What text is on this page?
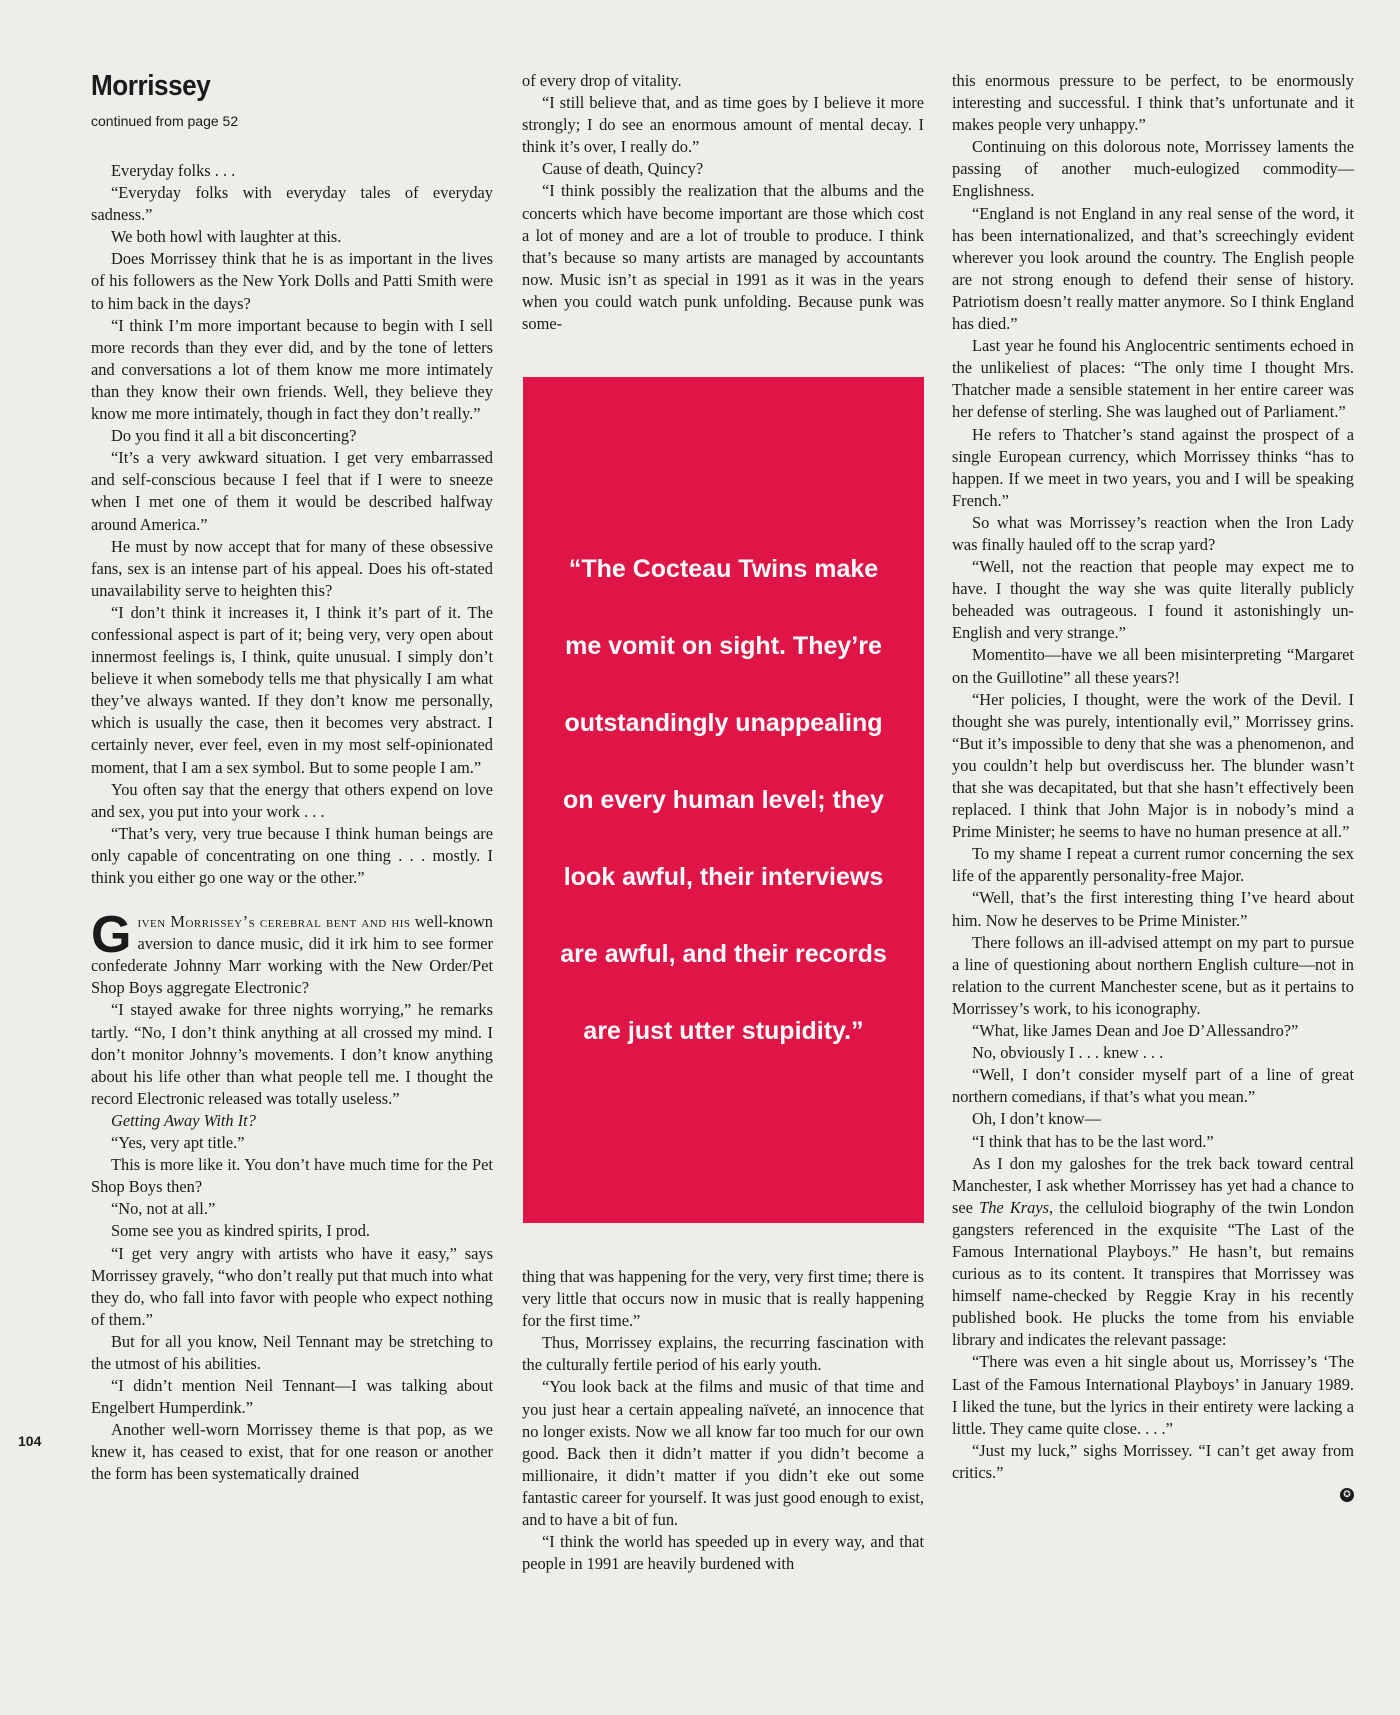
Morrissey
continued from page 52

Everyday folks . . .

“Everyday folks with everyday tales of everyday sadness.”

We both howl with laughter at this.

Does Morrissey think that he is as important in the lives of his followers as the New York Dolls and Patti Smith were to him back in the days?

“I think I’m more important because to begin with I sell more records than they ever did, and by the tone of letters and conversations a lot of them know me more intimately than they know their own friends. Well, they believe they know me more intimately, though in fact they don’t really.”

Do you find it all a bit disconcerting?

“It’s a very awkward situation. I get very embarrassed and self-conscious because I feel that if I were to sneeze when I met one of them it would be described halfway around America.”

He must by now accept that for many of these obsessive fans, sex is an intense part of his appeal. Does his oft-stated unavailability serve to heighten this?

“I don’t think it increases it, I think it’s part of it. The confessional aspect is part of it; being very, very open about innermost feelings is, I think, quite unusual. I simply don’t believe it when somebody tells me that physically I am what they’ve always wanted. If they don’t know me personally, which is usually the case, then it becomes very abstract. I certainly never, ever feel, even in my most self-opinionated moment, that I am a sex symbol. But to some people I am.”

You often say that the energy that others expend on love and sex, you put into your work . . .

“That’s very, very true because I think human beings are only capable of concentrating on one thing . . . mostly. I think you either go one way or the other.”

Given Morrissey’s cerebral bent and his well-known aversion to dance music, did it irk him to see former confederate Johnny Marr working with the New Order/Pet Shop Boys aggregate Electronic?

“I stayed awake for three nights worrying,” he remarks tartly. “No, I don’t think anything at all crossed my mind. I don’t monitor Johnny’s movements. I don’t know anything about his life other than what people tell me. I thought the record Electronic released was totally useless.”

Getting Away With It?

“Yes, very apt title.”

This is more like it. You don’t have much time for the Pet Shop Boys then?

“No, not at all.”

Some see you as kindred spirits, I prod.

“I get very angry with artists who have it easy,” says Morrissey gravely, “who don’t really put that much into what they do, who fall into favor with people who expect nothing of them.”

But for all you know, Neil Tennant may be stretching to the utmost of his abilities.

“I didn’t mention Neil Tennant—I was talking about Engelbert Humperdink.”

Another well-worn Morrissey theme is that pop, as we knew it, has ceased to exist, that for one reason or another the form has been systematically drained

of every drop of vitality.

“I still believe that, and as time goes by I believe it more strongly; I do see an enormous amount of mental decay. I think it’s over, I really do.”

Cause of death, Quincy?

“I think possibly the realization that the albums and the concerts which have become important are those which cost a lot of money and are a lot of trouble to produce. I think that’s because so many artists are managed by accountants now. Music isn’t as special in 1991 as it was in the years when you could watch punk unfolding. Because punk was some-

“The Cocteau Twins make me vomit on sight. They’re outstandingly unappealing on every human level; they look awful, their interviews are awful, and their records are just utter stupidity.”

thing that was happening for the very, very first time; there is very little that occurs now in music that is really happening for the first time.”

Thus, Morrissey explains, the recurring fascination with the culturally fertile period of his early youth.

“You look back at the films and music of that time and you just hear a certain appealing naïveté, an innocence that no longer exists. Now we all know far too much for our own good. Back then it didn’t matter if you didn’t become a millionaire, it didn’t matter if you didn’t eke out some fantastic career for yourself. It was just good enough to exist, and to have a bit of fun.

“I think the world has speeded up in every way, and that people in 1991 are heavily burdened with

this enormous pressure to be perfect, to be enormously interesting and successful. I think that’s unfortunate and it makes people very unhappy.”

Continuing on this dolorous note, Morrissey laments the passing of another much-eulogized commodity—Englishness.

“England is not England in any real sense of the word, it has been internationalized, and that’s screechingly evident wherever you look around the country. The English people are not strong enough to defend their sense of history. Patriotism doesn’t really matter anymore. So I think England has died.”

Last year he found his Anglocentric sentiments echoed in the unlikeliest of places: “The only time I thought Mrs. Thatcher made a sensible statement in her entire career was her defense of sterling. She was laughed out of Parliament.”

He refers to Thatcher’s stand against the prospect of a single European currency, which Morrissey thinks “has to happen. If we meet in two years, you and I will be speaking French.”

So what was Morrissey’s reaction when the Iron Lady was finally hauled off to the scrap yard?

“Well, not the reaction that people may expect me to have. I thought the way she was quite literally publicly beheaded was outrageous. I found it astonishingly un-English and very strange.”

Momentito—have we all been misinterpreting “Margaret on the Guillotine” all these years?!

“Her policies, I thought, were the work of the Devil. I thought she was purely, intentionally evil,” Morrissey grins. “But it’s impossible to deny that she was a phenomenon, and you couldn’t help but overdiscuss her. The blunder wasn’t that she was decapitated, but that she hasn’t effectively been replaced. I think that John Major is in nobody’s mind a Prime Minister; he seems to have no human presence at all.”

To my shame I repeat a current rumor concerning the sex life of the apparently personality-free Major.

“Well, that’s the first interesting thing I’ve heard about him. Now he deserves to be Prime Minister.”

There follows an ill-advised attempt on my part to pursue a line of questioning about northern English culture—not in relation to the current Manchester scene, but as it pertains to Morrissey’s work, to his iconography.

“What, like James Dean and Joe D’Allessandro?”

No, obviously I . . . knew . . .

“Well, I don’t consider myself part of a line of great northern comedians, if that’s what you mean.”

Oh, I don’t know—

“I think that has to be the last word.”

As I don my galoshes for the trek back toward central Manchester, I ask whether Morrissey has yet had a chance to see The Krays, the celluloid biography of the twin London gangsters referenced in the exquisite “The Last of the Famous International Playboys.” He hasn’t, but remains curious as to its content. It transpires that Morrissey was himself name-checked by Reggie Kray in his recently published book. He plucks the tome from his enviable library and indicates the relevant passage:

“There was even a hit single about us, Morrissey’s ‘The Last of the Famous International Playboys’ in January 1989. I liked the tune, but the lyrics in their entirety were lacking a little. They came quite close. . . .”

“Just my luck,” sighs Morrissey. “I can’t get away from critics.”

✪
104
